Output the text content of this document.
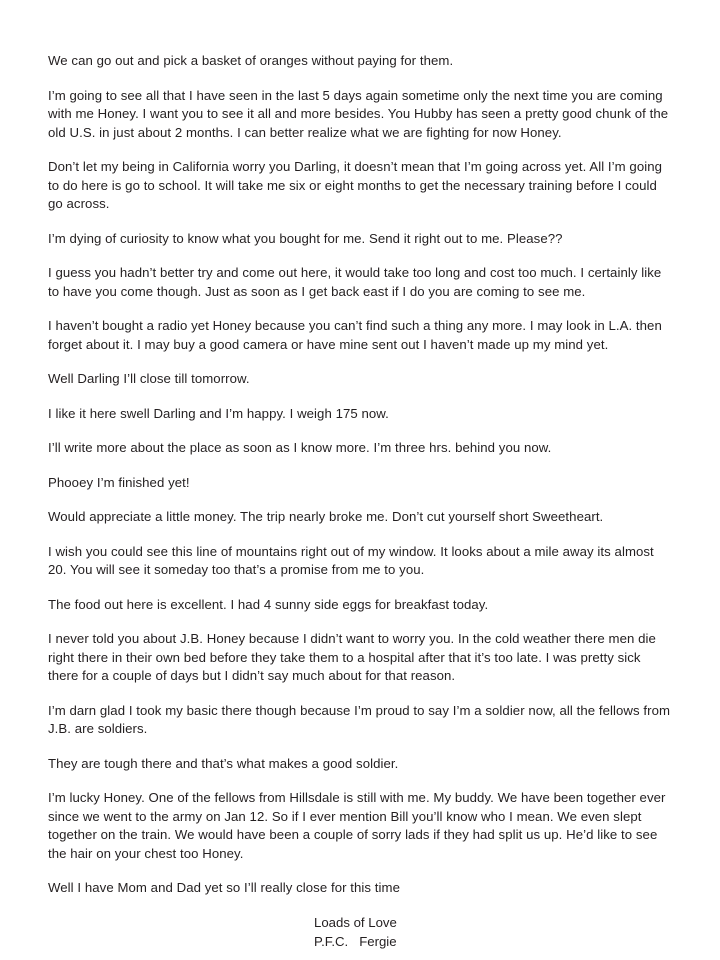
We can go out and pick a basket of oranges without paying for them.

I’m going to see all that I have seen in the last 5 days again sometime only the next time you are coming with me Honey. I want you to see it all and more besides. You Hubby has seen a pretty good chunk of the old U.S. in just about 2 months. I can better realize what we are fighting for now Honey.

Don’t let my being in California worry you Darling, it doesn’t mean that I’m going across yet. All I’m going to do here is go to school. It will take me six or eight months to get the necessary training before I could go across.

I’m dying of curiosity to know what you bought for me. Send it right out to me. Please??

I guess you hadn’t better try and come out here, it would take too long and cost too much. I certainly like to have you come though. Just as soon as I get back east if I do you are coming to see me.

I haven’t bought a radio yet Honey because you can’t find such a thing any more. I may look in L.A. then forget about it. I may buy a good camera or have mine sent out I haven’t made up my mind yet.

Well Darling I’ll close till tomorrow.

I like it here swell Darling and I’m happy. I weigh 175 now.

I’ll write more about the place as soon as I know more. I’m three hrs. behind you now.

Phooey I’m finished yet!

Would appreciate a little money. The trip nearly broke me. Don’t cut yourself short Sweetheart.

I wish you could see this line of mountains right out of my window. It looks about a mile away its almost 20. You will see it someday too that’s a promise from me to you.

The food out here is excellent. I had 4 sunny side eggs for breakfast today.

I never told you about J.B. Honey because I didn’t want to worry you. In the cold weather there men die right there in their own bed before they take them to a hospital after that it’s too late. I was pretty sick there for a couple of days but I didn’t say much about for that reason.

I’m darn glad I took my basic there though because I’m proud to say I’m a soldier now, all the fellows from J.B. are soldiers.

They are tough there and that’s what makes a good soldier.

I’m lucky Honey. One of the fellows from Hillsdale is still with me. My buddy. We have been together ever since we went to the army on Jan 12. So if I ever mention Bill you’ll know who I mean. We even slept together on the train. We would have been a couple of sorry lads if they had split us up. He’d like to see the hair on your chest too Honey.

Well I have Mom and Dad yet so I’ll really close for this time

Loads of Love
P.F.C.   Fergie
